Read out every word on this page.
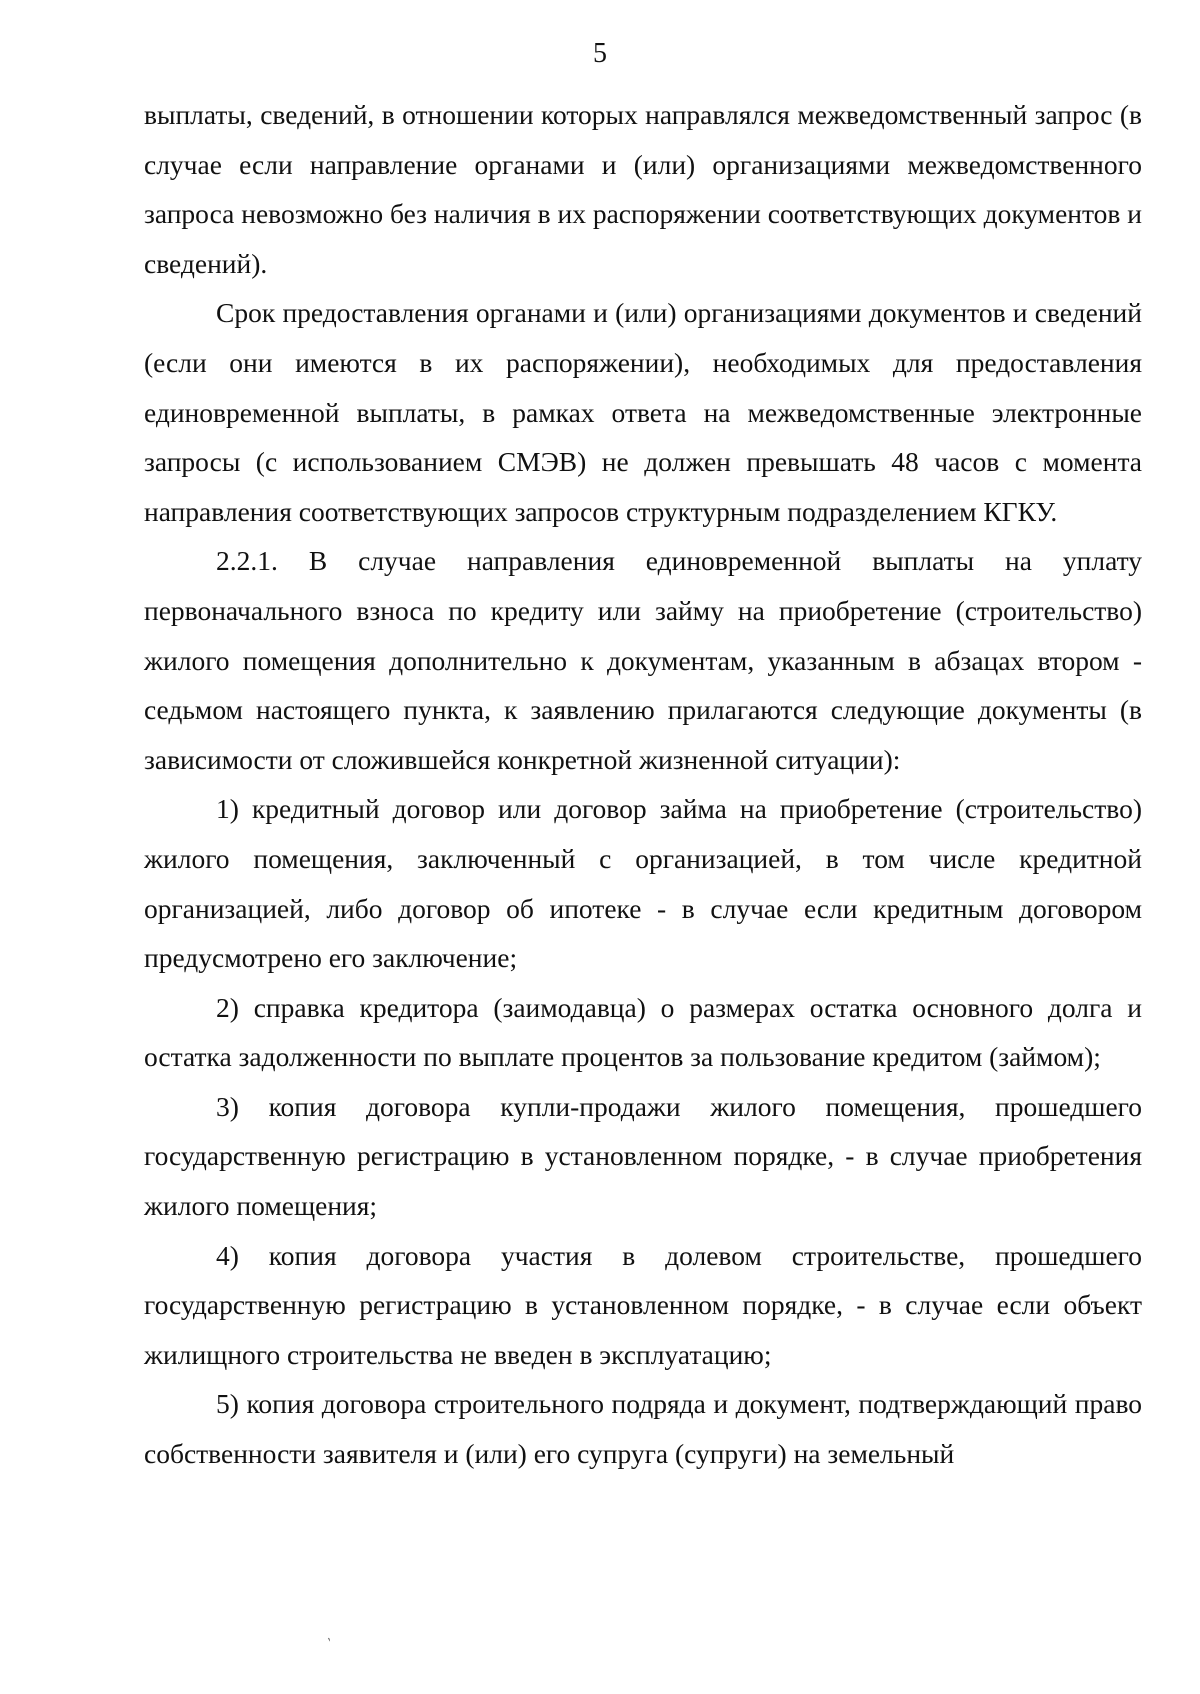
5

выплаты, сведений, в отношении которых направлялся межведомственный запрос (в случае если направление органами и (или) организациями межведомственного запроса невозможно без наличия в их распоряжении соответствующих документов и сведений).

Срок предоставления органами и (или) организациями документов и сведений (если они имеются в их распоряжении), необходимых для предоставления единовременной выплаты, в рамках ответа на межведомственные электронные запросы (с использованием СМЭВ) не должен превышать 48 часов с момента направления соответствующих запросов структурным подразделением КГКУ.

2.2.1. В случае направления единовременной выплаты на уплату первоначального взноса по кредиту или займу на приобретение (строительство) жилого помещения дополнительно к документам, указанным в абзацах втором - седьмом настоящего пункта, к заявлению прилагаются следующие документы (в зависимости от сложившейся конкретной жизненной ситуации):

1) кредитный договор или договор займа на приобретение (строительство) жилого помещения, заключенный с организацией, в том числе кредитной организацией, либо договор об ипотеке - в случае если кредитным договором предусмотрено его заключение;

2) справка кредитора (заимодавца) о размерах остатка основного долга и остатка задолженности по выплате процентов за пользование кредитом (займом);

3) копия договора купли-продажи жилого помещения, прошедшего государственную регистрацию в установленном порядке, - в случае приобретения жилого помещения;

4) копия договора участия в долевом строительстве, прошедшего государственную регистрацию в установленном порядке, - в случае если объект жилищного строительства не введен в эксплуатацию;

5) копия договора строительного подряда и документ, подтверждающий право собственности заявителя и (или) его супруга (супруги) на земельный

ˋ
